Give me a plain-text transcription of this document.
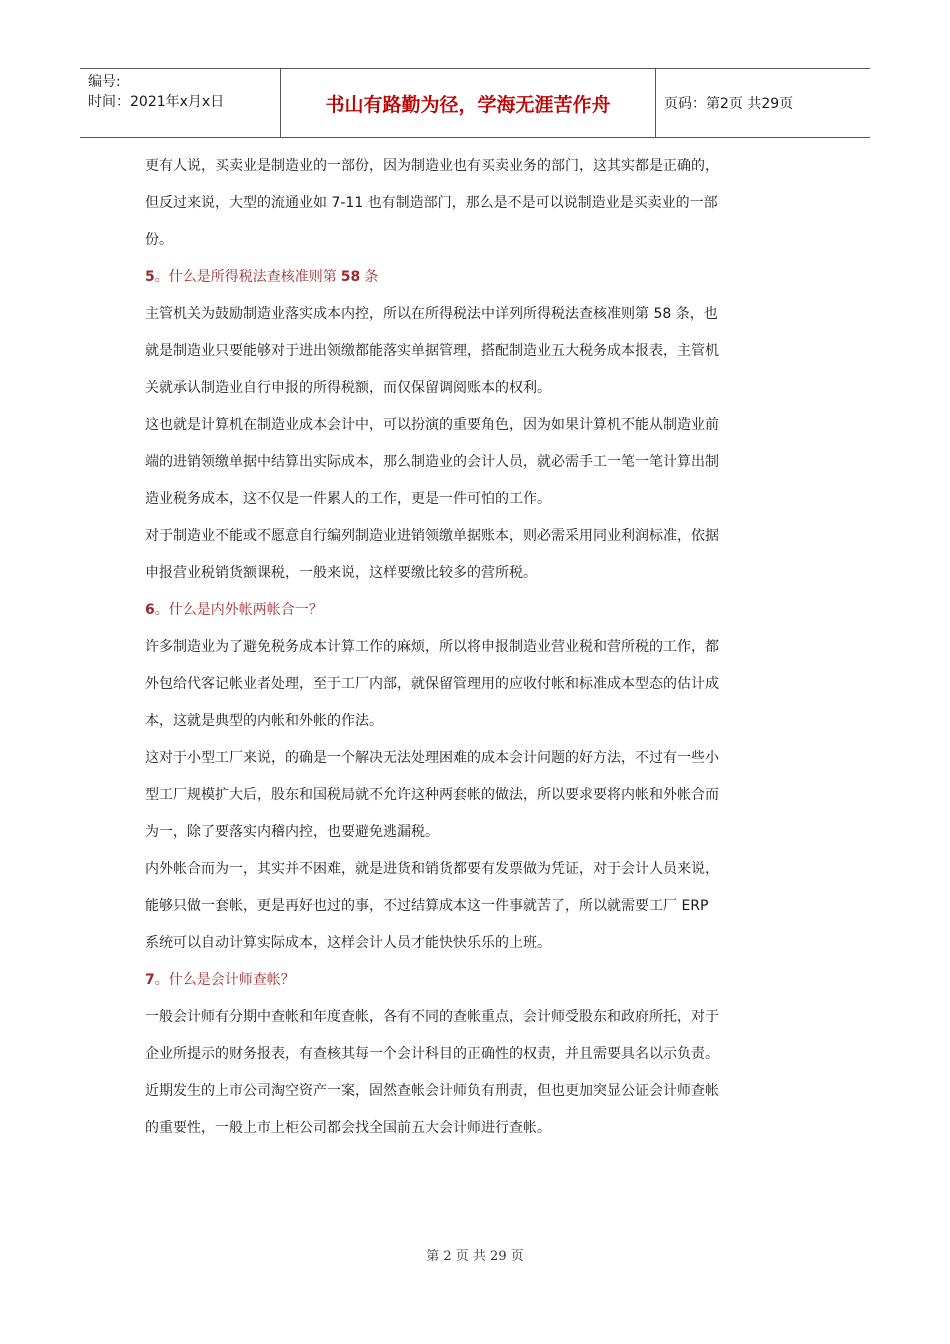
编号:
时间：2021年x月x日	书山有路勤为径，学海无涯苦作舟	页码：第2页 共29页
更有人说，买卖业是制造业的一部份，因为制造业也有买卖业务的部门，这其实都是正确的，
但反过来说，大型的流通业如 7-11 也有制造部门，那么是不是可以说制造业是买卖业的一部
份。
5。什么是所得税法查核准则第 58 条
主管机关为鼓励制造业落实成本内控，所以在所得税法中详列所得税法查核准则第 58 条，也
就是制造业只要能够对于进出领缴都能落实单据管理，搭配制造业五大税务成本报表，主管机
关就承认制造业自行申报的所得税额，而仅保留调阅账本的权利。
这也就是计算机在制造业成本会计中，可以扮演的重要角色，因为如果计算机不能从制造业前
端的进销领缴单据中结算出实际成本，那么制造业的会计人员，就必需手工一笔一笔计算出制
造业税务成本，这不仅是一件累人的工作，更是一件可怕的工作。
对于制造业不能或不愿意自行编列制造业进销领缴单据账本，则必需采用同业利润标准，依据
申报营业税销货额课税，一般来说，这样要缴比较多的营所税。
6。什么是内外帐两帐合一？
许多制造业为了避免税务成本计算工作的麻烦，所以将申报制造业营业税和营所税的工作，都
外包给代客记帐业者处理，至于工厂内部，就保留管理用的应收付帐和标准成本型态的估计成
本，这就是典型的内帐和外帐的作法。
这对于小型工厂来说，的确是一个解决无法处理困难的成本会计问题的好方法，不过有一些小
型工厂规模扩大后，股东和国税局就不允许这种两套帐的做法，所以要求要将内帐和外帐合而
为一，除了要落实内稽内控，也要避免逃漏税。
内外帐合而为一，其实并不困难，就是进货和销货都要有发票做为凭证，对于会计人员来说，
能够只做一套帐，更是再好也过的事，不过结算成本这一件事就苦了，所以就需要工厂 ERP
系统可以自动计算实际成本，这样会计人员才能快快乐乐的上班。
7。什么是会计师查帐？
一般会计师有分期中查帐和年度查帐，各有不同的查帐重点，会计师受股东和政府所托，对于
企业所提示的财务报表，有查核其每一个会计科目的正确性的权责，并且需要具名以示负责。
近期发生的上市公司淘空资产一案，固然查帐会计师负有刑责，但也更加突显公证会计师查帐
的重要性，一般上市上柜公司都会找全国前五大会计师进行查帐。
第 2 页 共 29 页
